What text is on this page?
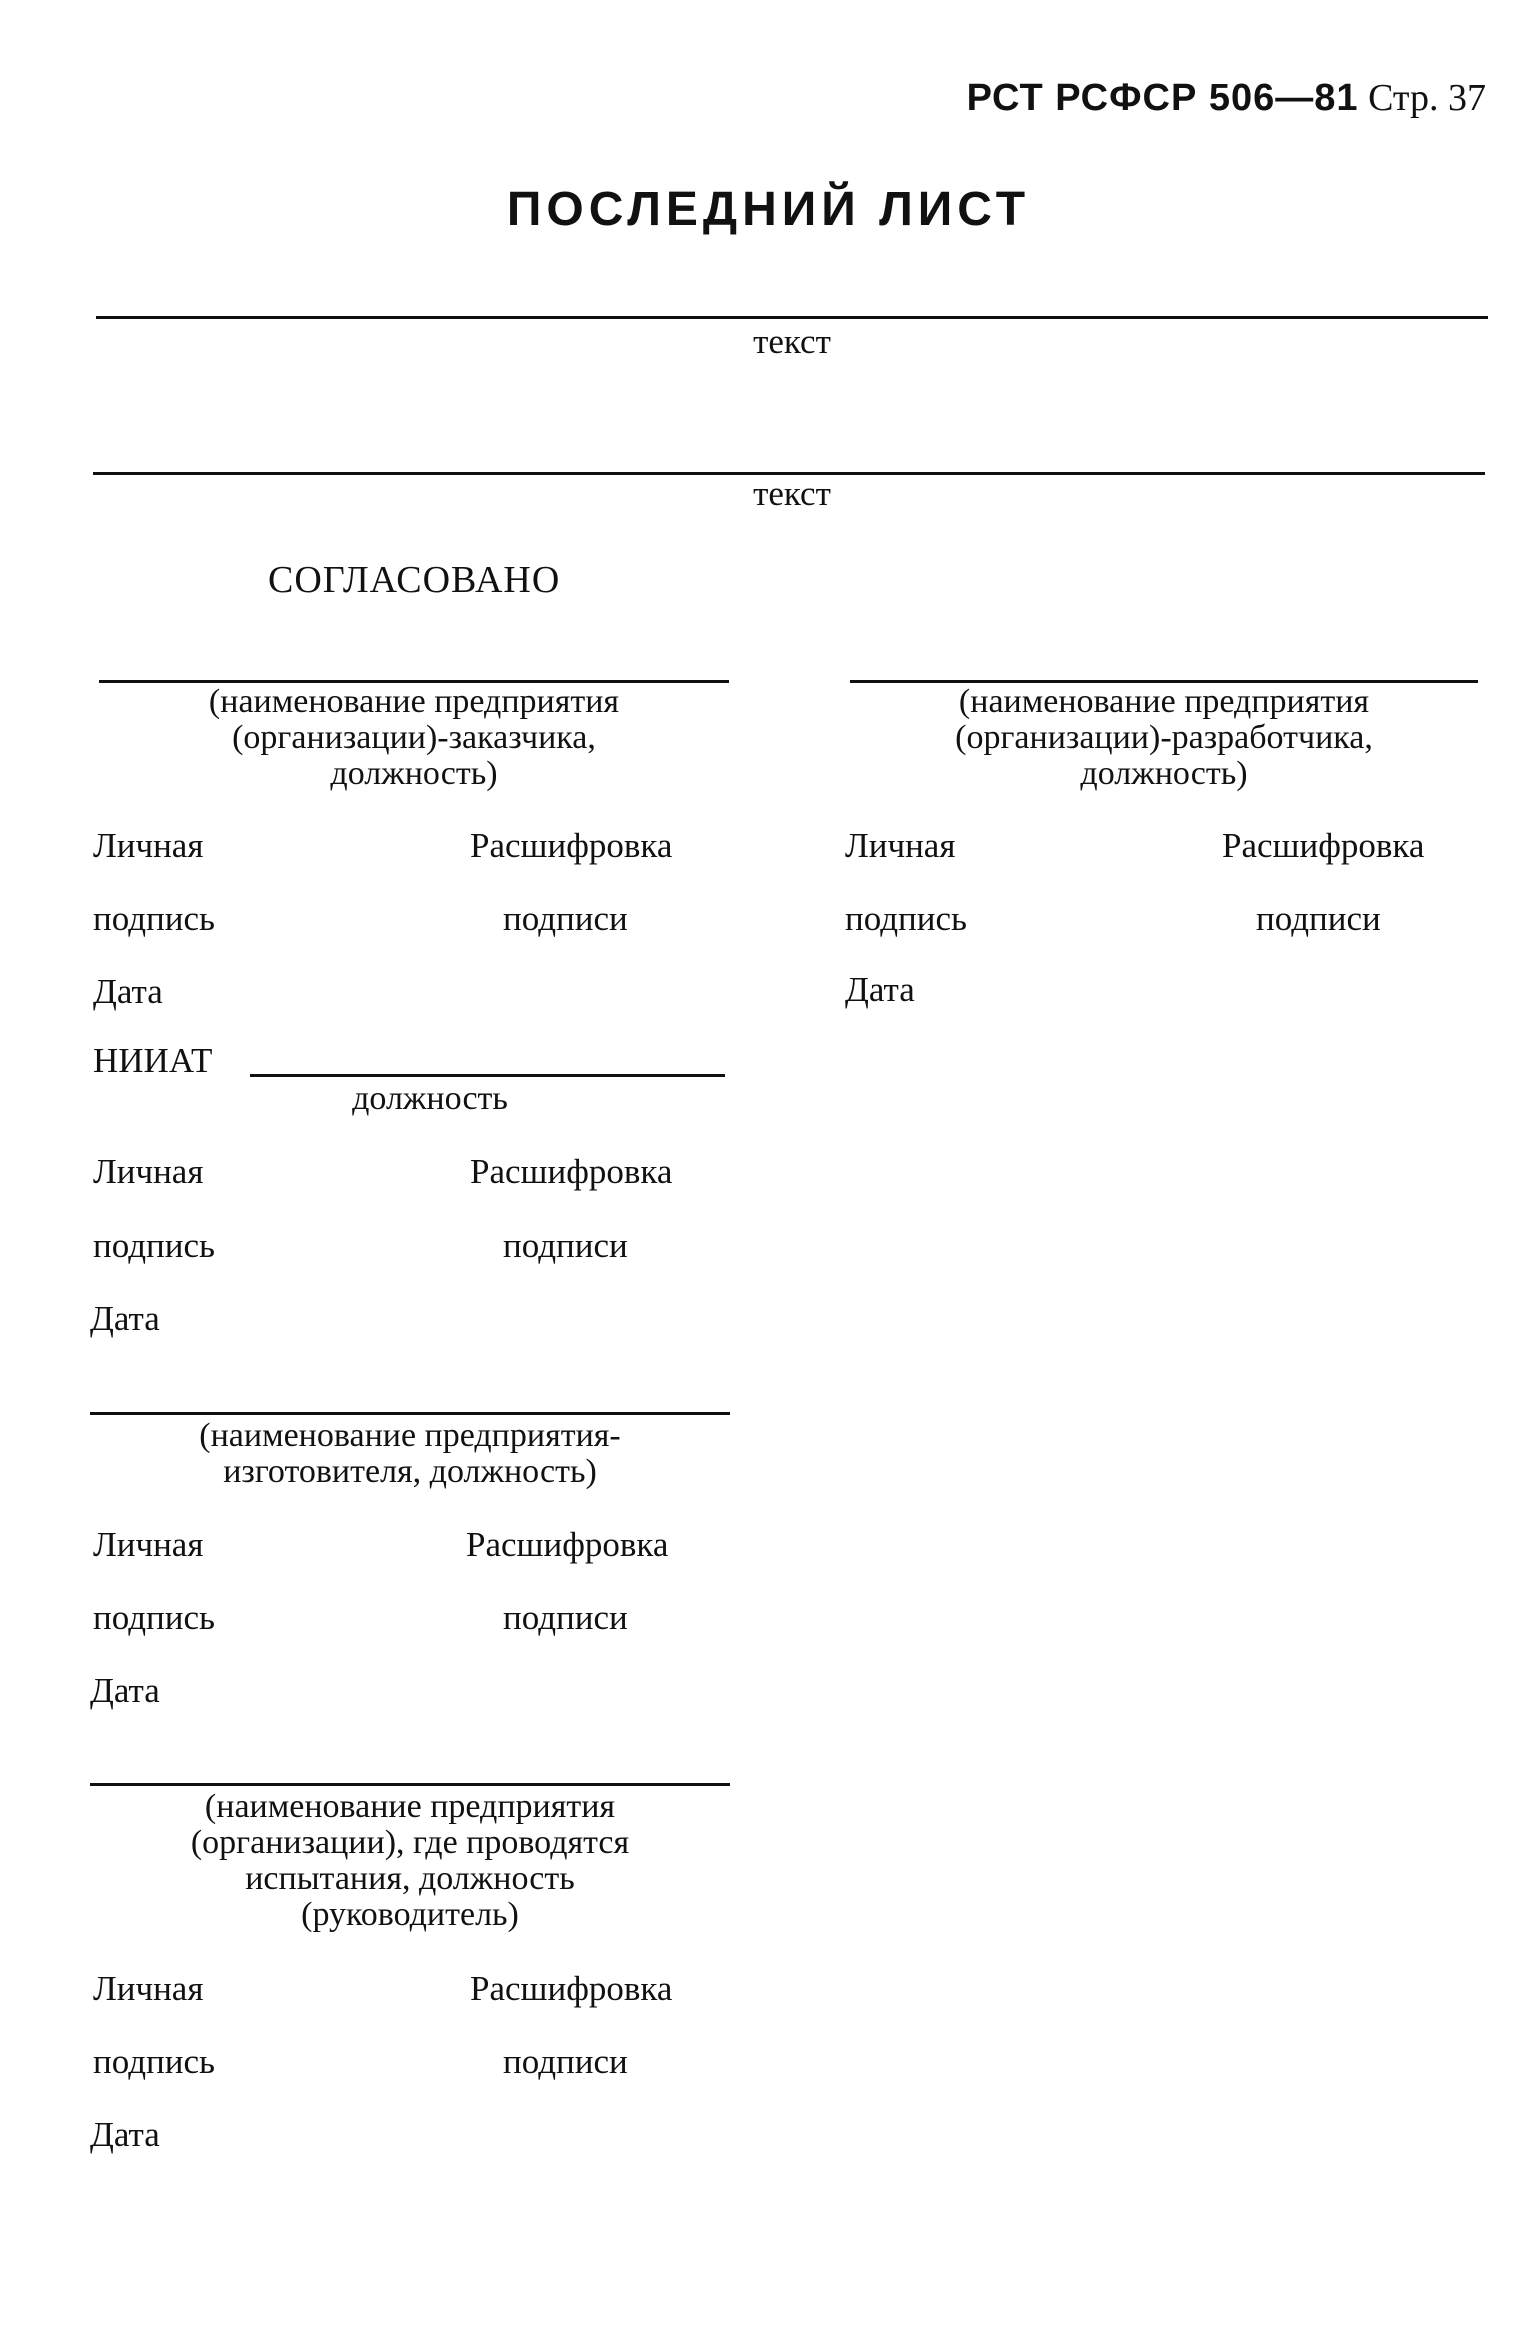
РСТ РСФСР 506—81 Стр. 37
ПОСЛЕДНИЙ ЛИСТ
текст
текст
СОГЛАСОВАНО
(наименование предприятия
(организации)-заказчика,
должность)
Личная	Расшифровка
подпись	подписи
Дата
(наименование предприятия
(организации)-разработчика,
должность)
Личная	Расшифровка
подпись	подписи
Дата
НИИАТ
должность
Личная	Расшифровка
подпись	подписи
Дата
(наименование предприятия-
изготовителя, должность)
Личная	Расшифровка
подпись	подписи
Дата
(наименование предприятия
(организации), где проводятся
испытания, должность
(руководитель)
Личная	Расшифровка
подпись	подписи
Дата
